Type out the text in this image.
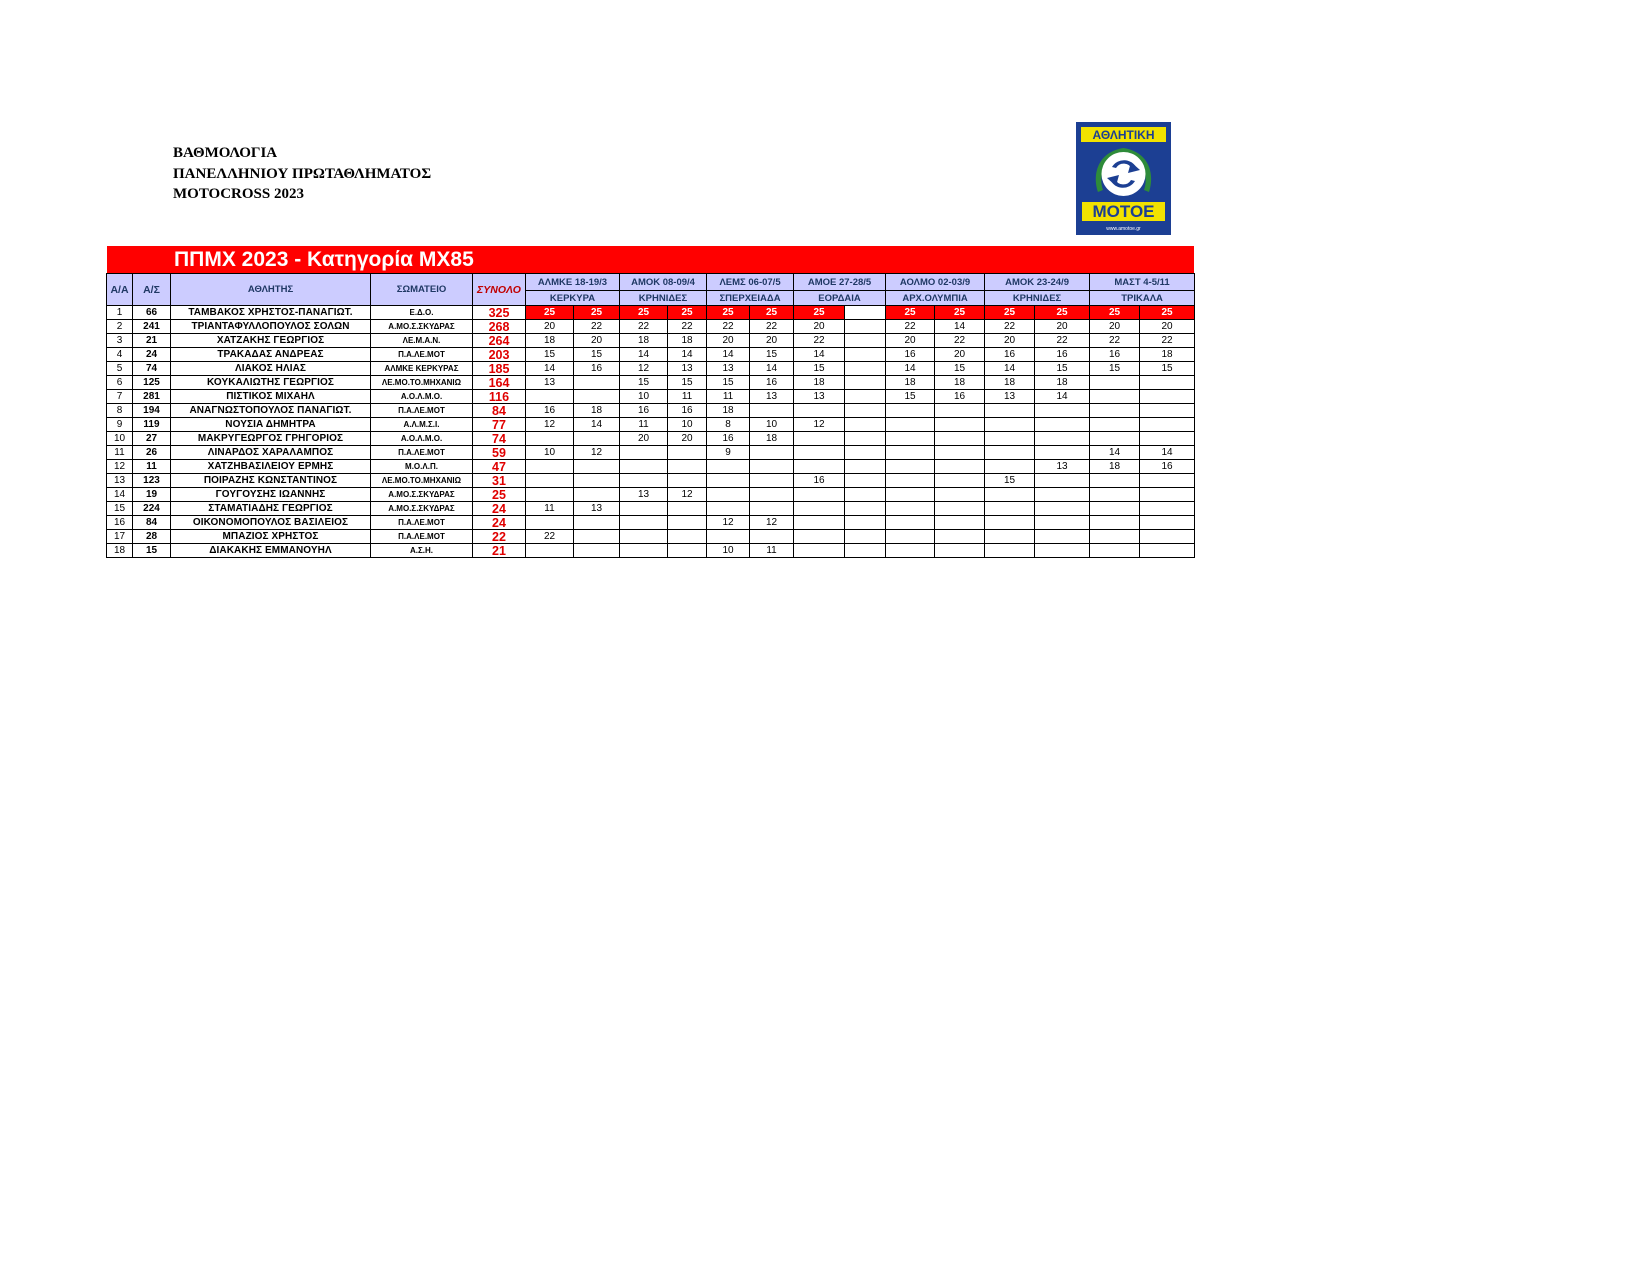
ΒΑΘΜΟΛΟΓΙΑ
ΠΑΝΕΛΛΗΝΙΟΥ ΠΡΩΤΑΘΛΗΜΑΤΟΣ
MOTOCROSS 2023
ΑΘΛΗΤΙΚΗ
MOTOE
www.amotoe.gr
ΠΠΜΧ 2023 - Κατηγορία ΜΧ85
Α/Α	Α/Σ	ΑΘΛΗΤΗΣ	ΣΩΜΑΤΕΙΟ	ΣΥΝΟΛΟ	ΑΛΜΚΕ 18-19/3		ΑΜΟΚ 08-09/4		ΛΕΜΣ 06-07/5		ΑΜΟΕ 27-28/5		ΑΟΛΜΟ 02-03/9		ΑΜΟΚ 23-24/9		ΜΑΣΤ 4-5/11	
					ΚΕΡΚΥΡΑ		ΚΡΗΝΙΔΕΣ		ΣΠΕΡΧΕΙΑΔΑ		ΕΟΡΔΑΙΑ		ΑΡΧ.ΟΛΥΜΠΙΑ		ΚΡΗΝΙΔΕΣ		ΤΡΙΚΑΛΑ	
1	66	ΤΑΜΒΑΚΟΣ ΧΡΗΣΤΟΣ-ΠΑΝΑΓΙΩΤ.	Ε.Δ.Ο.	325	25	25	25	25	25	25	25		25	25	25	25	25	25
2	241	ΤΡΙΑΝΤΑΦΥΛΛΟΠΟΥΛΟΣ ΣΟΛΩΝ	Α.ΜΟ.Σ.ΣΚΥΔΡΑΣ	268	20	22	22	22	22	22	20		22	14	22	20	20	20
3	21	ΧΑΤΖΑΚΗΣ ΓΕΩΡΓΙΟΣ	ΛΕ.Μ.Α.Ν.	264	18	20	18	18	20	20	22		20	22	20	22	22	22
4	24	ΤΡΑΚΑΔΑΣ ΑΝΔΡΕΑΣ	Π.Α.ΛΕ.ΜΟΤ	203	15	15	14	14	14	15	14		16	20	16	16	16	18
5	74	ΛΙΑΚΟΣ ΗΛΙΑΣ	ΑΛΜΚΕ ΚΕΡΚΥΡΑΣ	185	14	16	12	13	13	14	15		14	15	14	15	15	15
6	125	ΚΟΥΚΑΛΙΩΤΗΣ ΓΕΩΡΓΙΟΣ	ΛΕ.ΜΟ.ΤΟ.ΜΗΧΑΝΙΩ	164	13		15	15	15	16	18		18	18	18	18		
7	281	ΠΙΣΤΙΚΟΣ ΜΙΧΑΗΛ	Α.Ο.Λ.Μ.Ο.	116			10	11	11	13	13		15	16	13	14		
8	194	ΑΝΑΓΝΩΣΤΟΠΟΥΛΟΣ ΠΑΝΑΓΙΩΤ.	Π.Α.ΛΕ.ΜΟΤ	84	16	18	16	16	18									
9	119	ΝΟΥΣΙΑ ΔΗΜΗΤΡΑ	Α.Λ.Μ.Σ.Ι.	77	12	14	11	10	8	10	12							
10	27	ΜΑΚΡΥΓΕΩΡΓΟΣ ΓΡΗΓΟΡΙΟΣ	Α.Ο.Λ.Μ.Ο.	74			20	20	16	18								
11	26	ΛΙΝΑΡΔΟΣ ΧΑΡΑΛΑΜΠΟΣ	Π.Α.ΛΕ.ΜΟΤ	59	10	12			9								14	14
12	11	ΧΑΤΖΗΒΑΣΙΛΕΙΟΥ ΕΡΜΗΣ	Μ.Ο.Λ.Π.	47												13	18	16
13	123	ΠΟΙΡΑΖΗΣ ΚΩΝΣΤΑΝΤΙΝΟΣ	ΛΕ.ΜΟ.ΤΟ.ΜΗΧΑΝΙΩ	31							16				15			
14	19	ΓΟΥΓΟΥΣΗΣ ΙΩΑΝΝΗΣ	Α.ΜΟ.Σ.ΣΚΥΔΡΑΣ	25			13	12										
15	224	ΣΤΑΜΑΤΙΑΔΗΣ ΓΕΩΡΓΙΟΣ	Α.ΜΟ.Σ.ΣΚΥΔΡΑΣ	24	11	13												
16	84	ΟΙΚΟΝΟΜΟΠΟΥΛΟΣ ΒΑΣΙΛΕΙΟΣ	Π.Α.ΛΕ.ΜΟΤ	24					12	12								
17	28	ΜΠΑΖΙΟΣ ΧΡΗΣΤΟΣ	Π.Α.ΛΕ.ΜΟΤ	22	22													
18	15	ΔΙΑΚΑΚΗΣ ΕΜΜΑΝΟΥΗΛ	Α.Σ.Η.	21					10	11								
